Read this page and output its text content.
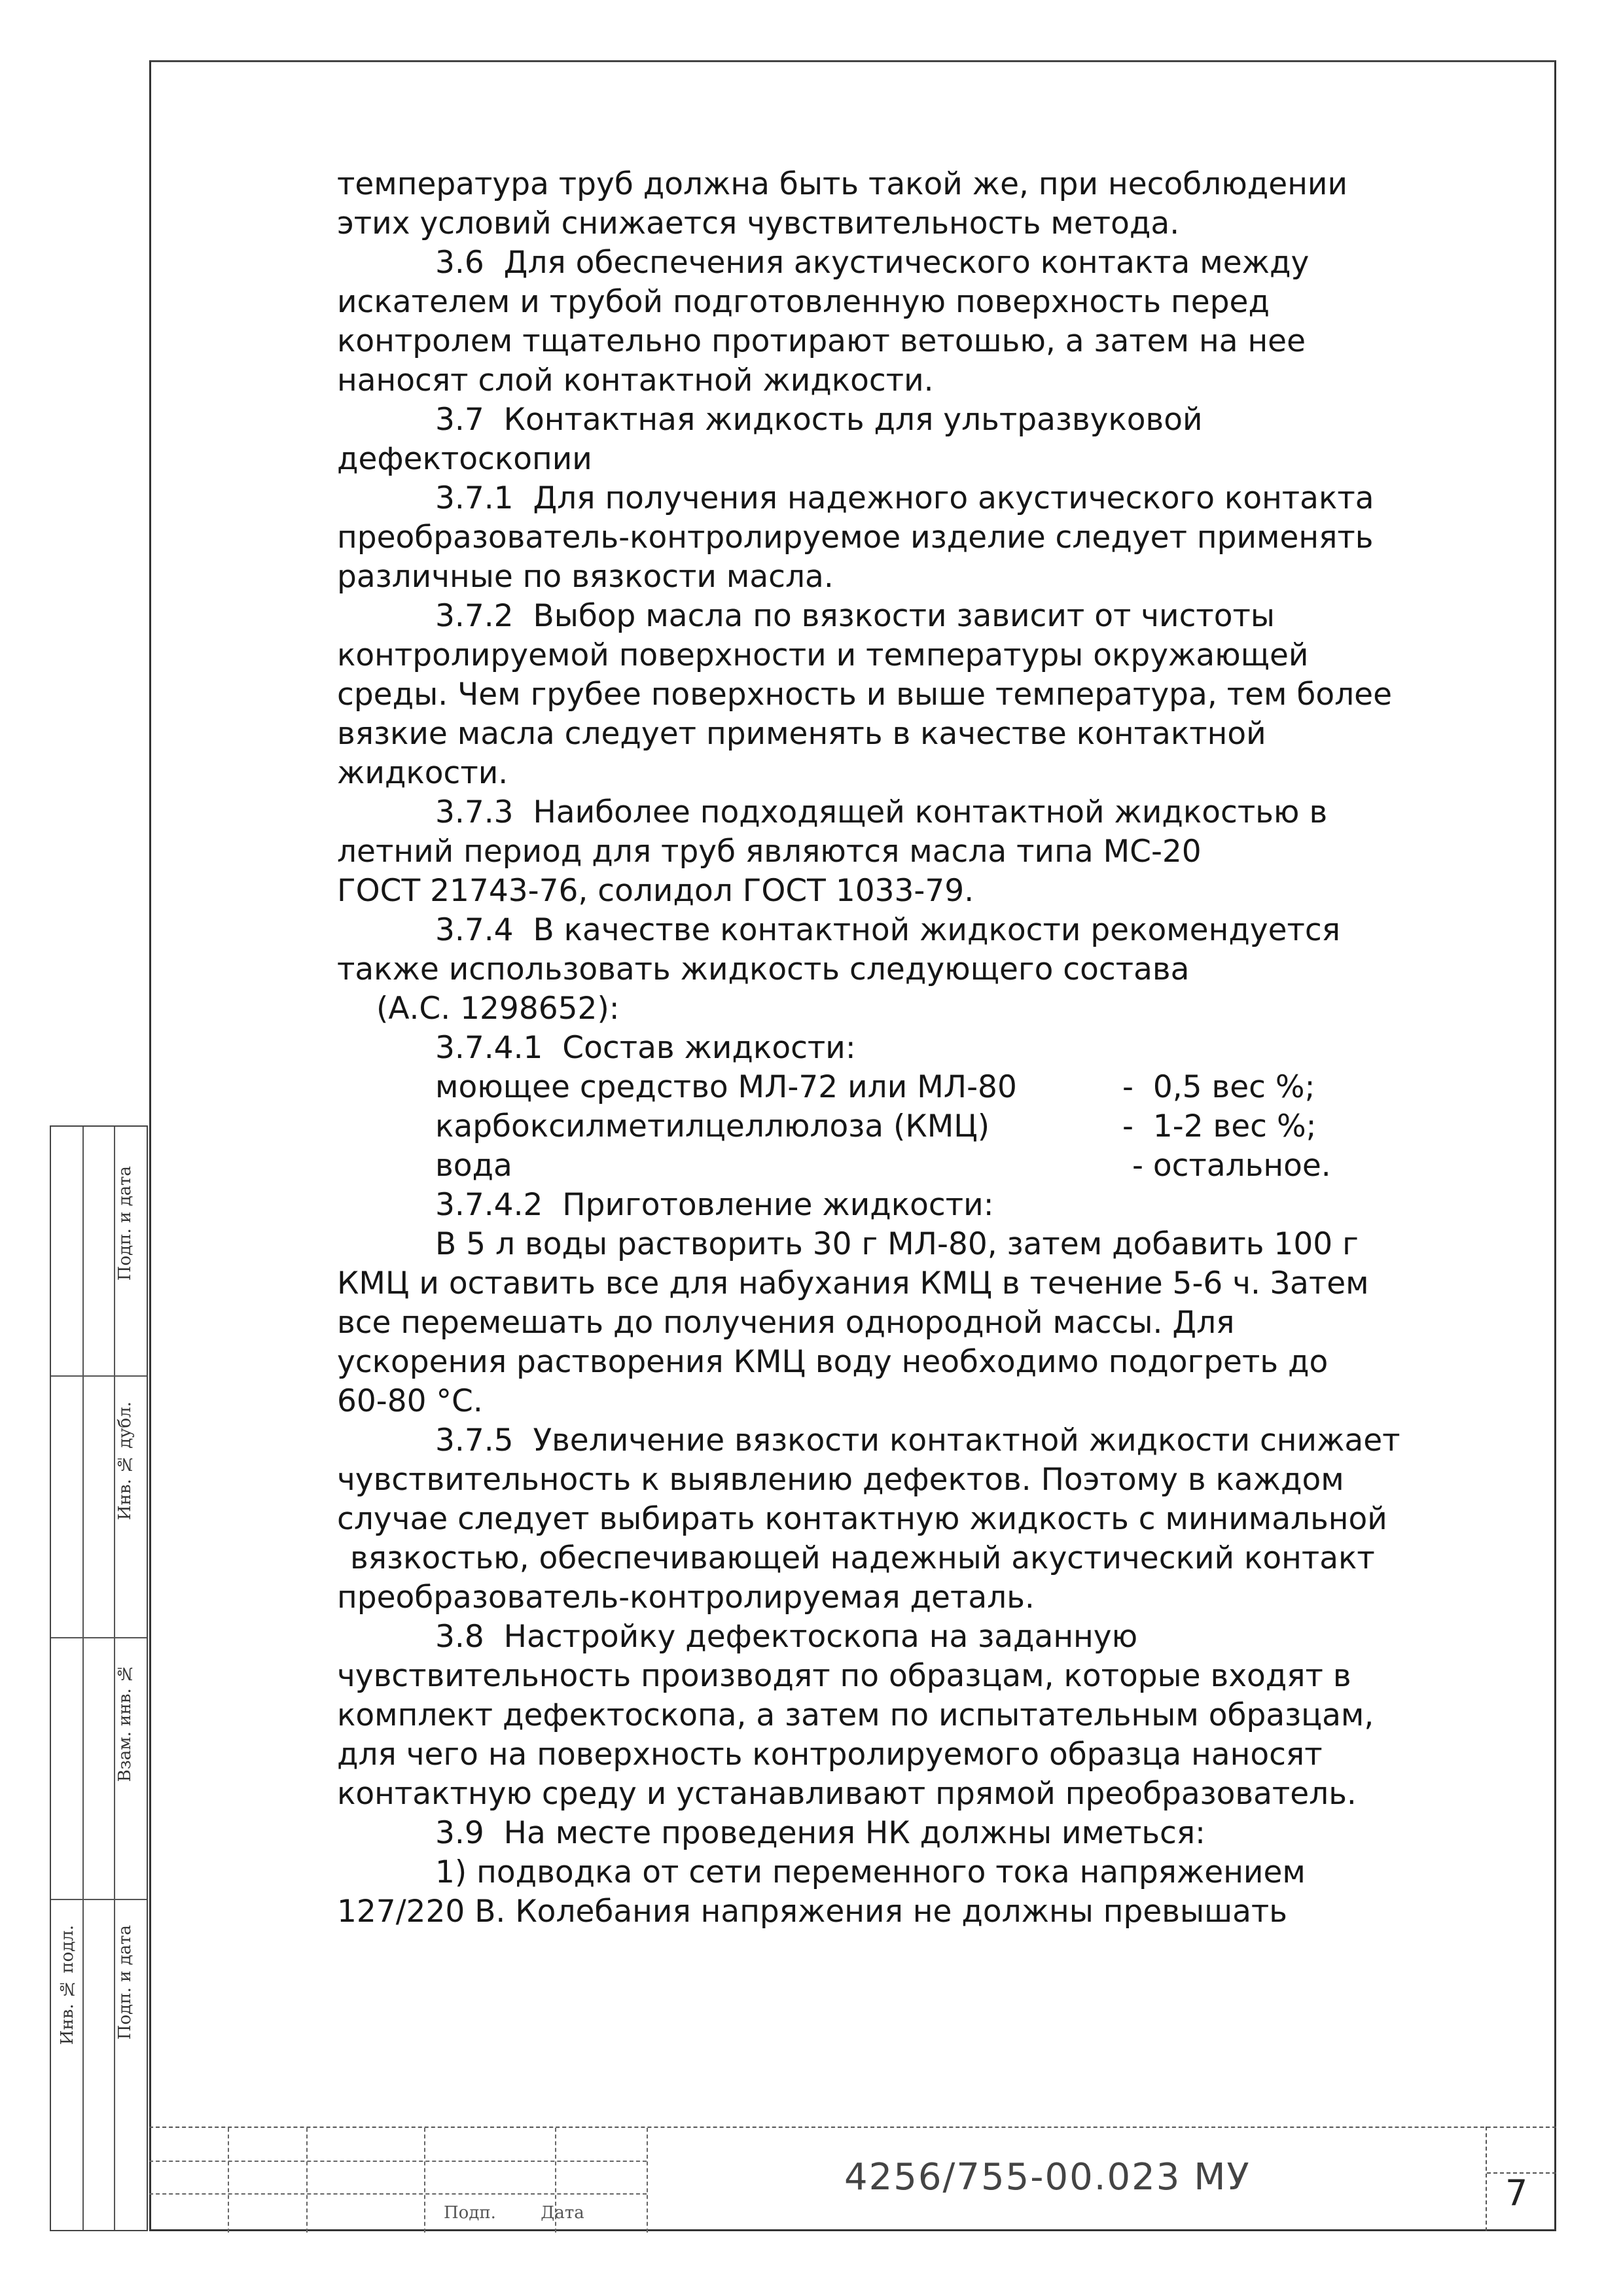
Подп. и дата
Инв. № дубл.
Взам. инв. №
Подп. и дата
Инв. № подл.

температура труб должна быть такой же, при несоблюдении

этих условий снижается чувствительность метода.

3.6  Для обеспечения акустического контакта между

искателем и трубой подготовленную поверхность перед

контролем тщательно протирают ветошью, а затем на нее

наносят слой контактной жидкости.

3.7  Контактная жидкость для ультразвуковой

дефектоскопии

3.7.1  Для получения надежного акустического контакта

преобразователь-контролируемое изделие следует применять

различные по вязкости масла.

3.7.2  Выбор масла по вязкости зависит от чистоты

контролируемой поверхности и температуры окружающей

среды. Чем грубее поверхность и выше температура, тем более

вязкие масла следует применять в качестве контактной

жидкости.

3.7.3  Наиболее подходящей контактной жидкостью в

летний период для труб являются масла типа МС-20

ГОСТ 21743-76, солидол ГОСТ 1033-79.

3.7.4  В качестве контактной жидкости рекомендуется

также использовать жидкость следующего состава

(А.С. 1298652):

3.7.4.1  Состав жидкости:

моющее средство МЛ-72 или МЛ-80	-  0,5 вес %;
карбоксилметилцеллюлоза (КМЦ)	-  1-2 вес %;
вода	- остальное.

3.7.4.2  Приготовление жидкости:

В 5 л воды растворить 30 г МЛ-80, затем добавить 100 г

КМЦ и оставить все для набухания КМЦ в течение 5-6 ч. Затем

все перемешать до получения однородной массы. Для

ускорения растворения КМЦ воду необходимо подогреть до

60-80 °С.

3.7.5  Увеличение вязкости контактной жидкости снижает

чувствительность к выявлению дефектов. Поэтому в каждом

случае следует выбирать контактную жидкость с минимальной

вязкостью, обеспечивающей надежный акустический контакт

преобразователь-контролируемая деталь.

3.8  Настройку дефектоскопа на заданную

чувствительность производят по образцам, которые входят в

комплект дефектоскопа, а затем по испытательным образцам,

для чего на поверхность контролируемого образца наносят

контактную среду и устанавливают прямой преобразователь.

3.9  На месте проведения НК должны иметься:

1) подводка от сети переменного тока напряжением

127/220 В. Колебания напряжения не должны превышать

Подп.	Дата
4256/755-00.023 МУ	7
